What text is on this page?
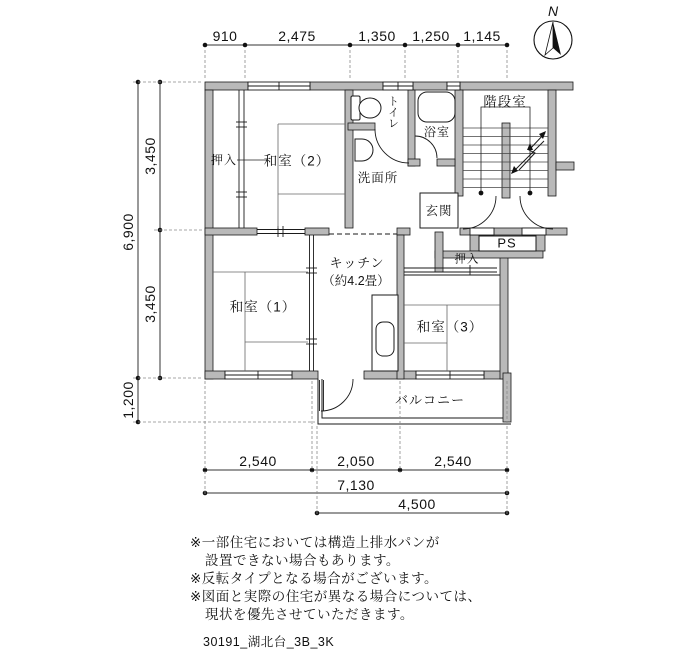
N
押入 和室（2）
トイレ
浴室
階段室
洗面所
玄関
PS
押入
キッチン
（約4.2畳）
和室（1）
和室（3）
バルコニー
910	2,475	1,350 1,250 1,145
3,450
6,900
3,450
1,200
2,540	2,050	2,540
7,130
4,500
※一部住宅においては構造上排水パンが
設置できない場合もあります。
※反転タイプとなる場合がございます。
※図面と実際の住宅が異なる場合については、
現状を優先させていただきます。
30191_湖北台_3B_3K
